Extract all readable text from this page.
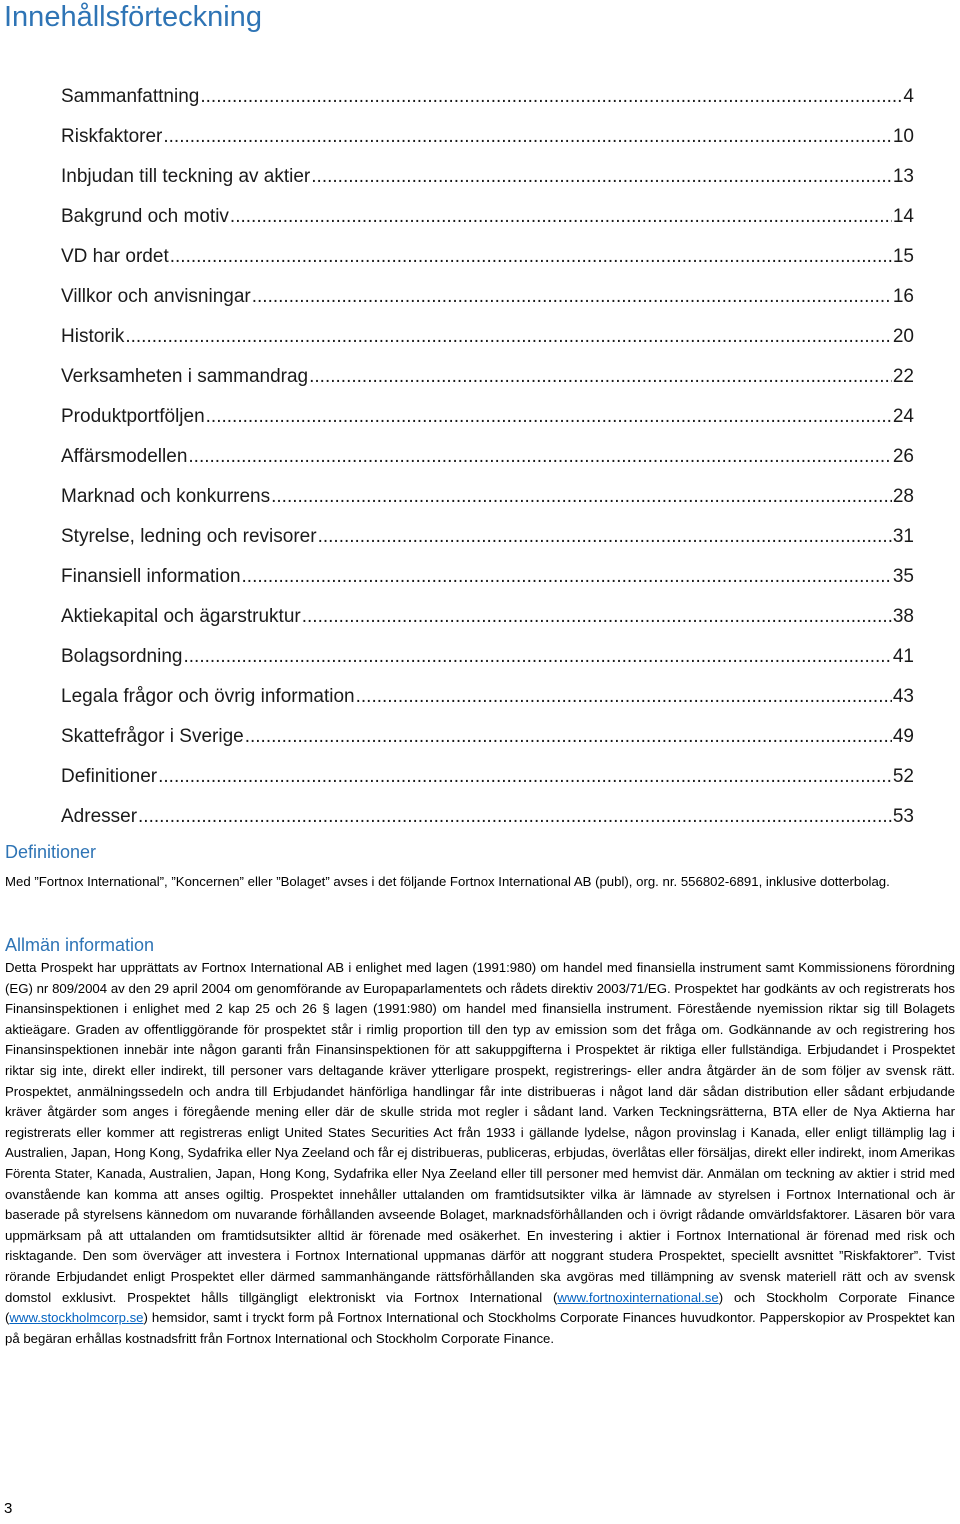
Innehållsförteckning
Sammanfattning .....	4
Riskfaktorer .....	10
Inbjudan till teckning av aktier .....	13
Bakgrund och motiv .....	14
VD har ordet .....	15
Villkor och anvisningar .....	16
Historik .....	20
Verksamheten i sammandrag .....	22
Produktportföljen .....	24
Affärsmodellen .....	26
Marknad och konkurrens .....	28
Styrelse, ledning och revisorer .....	31
Finansiell information .....	35
Aktiekapital och ägarstruktur .....	38
Bolagsordning .....	41
Legala frågor och övrig information .....	43
Skattefrågor i Sverige .....	49
Definitioner .....	52
Adresser .....	53
Definitioner

Med ”Fortnox International”, ”Koncernen” eller ”Bolaget” avses i det följande Fortnox International AB (publ), org. nr. 556802-6891, inklusive dotterbolag.

Allmän information

Detta Prospekt har upprättats av Fortnox International AB i enlighet med lagen (1991:980) om handel med finansiella instrument samt Kommissionens förordning (EG) nr 809/2004 av den 29 april 2004 om genomförande av Europaparlamentets och rådets direktiv 2003/71/EG. Prospektet har godkänts av och registrerats hos Finansinspektionen i enlighet med 2 kap 25 och 26 § lagen (1991:980) om handel med finansiella instrument. Förestående nyemission riktar sig till Bolagets aktieägare. Graden av offentliggörande för prospektet står i rimlig proportion till den typ av emission som det fråga om. Godkännande av och registrering hos Finansinspektionen innebär inte någon garanti från Finansinspektionen för att sakuppgifterna i Prospektet är riktiga eller fullständiga. Erbjudandet i Prospektet riktar sig inte, direkt eller indirekt, till personer vars deltagande kräver ytterligare prospekt, registrerings- eller andra åtgärder än de som följer av svensk rätt. Prospektet, anmälningssedeln och andra till Erbjudandet hänförliga handlingar får inte distribueras i något land där sådan distribution eller sådant erbjudande kräver åtgärder som anges i föregående mening eller där de skulle strida mot regler i sådant land. Varken Teckningsrätterna, BTA eller de Nya Aktierna har registrerats eller kommer att registreras enligt United States Securities Act från 1933 i gällande lydelse, någon provinslag i Kanada, eller enligt tillämplig lag i Australien, Japan, Hong Kong, Sydafrika eller Nya Zeeland och får ej distribueras, publiceras, erbjudas, överlåtas eller försäljas, direkt eller indirekt, inom Amerikas Förenta Stater, Kanada, Australien, Japan, Hong Kong, Sydafrika eller Nya Zeeland eller till personer med hemvist där. Anmälan om teckning av aktier i strid med ovanstående kan komma att anses ogiltig. Prospektet innehåller uttalanden om framtidsutsikter vilka är lämnade av styrelsen i Fortnox International och är baserade på styrelsens kännedom om nuvarande förhållanden avseende Bolaget, marknadsförhållanden och i övrigt rådande omvärldsfaktorer. Läsaren bör vara uppmärksam på att uttalanden om framtidsutsikter alltid är förenade med osäkerhet. En investering i aktier i Fortnox International är förenad med risk och risktagande. Den som överväger att investera i Fortnox International uppmanas därför att noggrant studera Prospektet, speciellt avsnittet ”Riskfaktorer”. Tvist rörande Erbjudandet enligt Prospektet eller därmed sammanhängande rättsförhållanden ska avgöras med tillämpning av svensk materiell rätt och av svensk domstol exklusivt. Prospektet hålls tillgängligt elektroniskt via Fortnox International (www.fortnoxinternational.se) och Stockholm Corporate Finance (www.stockholmcorp.se) hemsidor, samt i tryckt form på Fortnox International och Stockholms Corporate Finances huvudkontor. Papperskopior av Prospektet kan på begäran erhållas kostnadsfritt från Fortnox International och Stockholm Corporate Finance.

3
